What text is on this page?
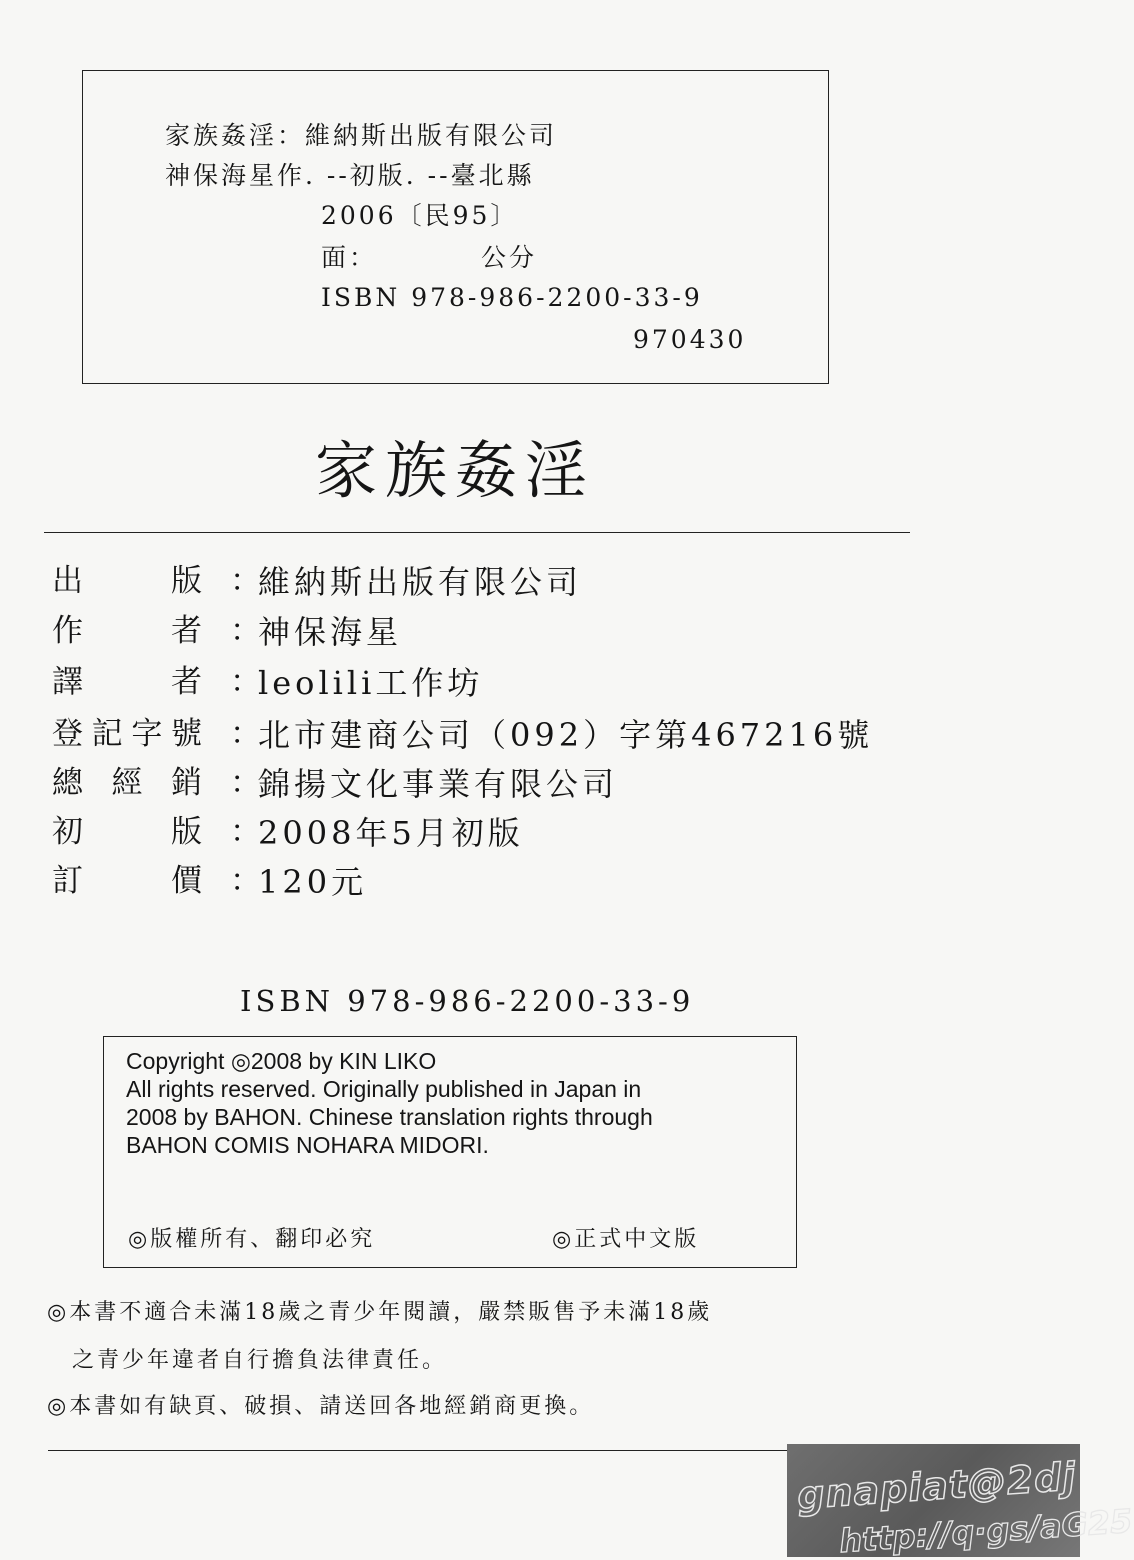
家族姦淫：維納斯出版有限公司
神保海星作. --初版. --臺北縣
2006〔民95〕
面：	公分
ISBN 978-986-2200-33-9
970430
家族姦淫
出	版 ：
維納斯出版有限公司
作	者 ：
神保海星
譯	者 ：
leolili工作坊
登 記 字 號 ：
北市建商公司（092）字第467216號
總 經 銷 ：
錦揚文化事業有限公司
初	版 ：
2008年5月初版
訂	價 ：
120元
ISBN 978-986-2200-33-9
Copyright ◎2008 by KIN LIKO
All rights reserved. Originally published in Japan in
2008 by BAHON. Chinese translation rights through
BAHON COMIS NOHARA MIDORI.
◎版權所有、翻印必究	◎正式中文版
◎本書不適合未滿18歲之青少年閱讀，嚴禁販售予未滿18歲
之青少年違者自行擔負法律責任。
◎本書如有缺頁、破損、請送回各地經銷商更換。
gnapiat@2dj
http://q·gs/aG25
